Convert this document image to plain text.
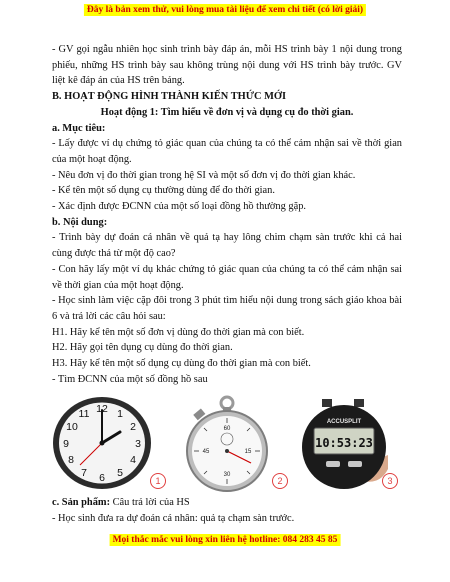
Đây là bản xem thử, vui lòng mua tài liệu để xem chi tiết (có lời giải)

- GV gọi ngẫu nhiên học sinh trình bày đáp án, mỗi HS trình bày 1 nội dung trong phiếu, những HS trình bày sau không trùng nội dung với HS trình bày trước. GV liệt kê đáp án của HS trên bảng.

B. HOẠT ĐỘNG HÌNH THÀNH KIẾN THỨC MỚI

Hoạt động 1: Tìm hiểu về đơn vị và dụng cụ đo thời gian.

a. Mục tiêu:

- Lấy được ví dụ chứng tỏ giác quan của chúng ta có thể cảm nhận sai về thời gian của một hoạt động.

- Nêu đơn vị đo thời gian trong hệ SI và một số đơn vị đo thời gian khác.

- Kể tên một số dụng cụ thường dùng để đo thời gian.

- Xác định được ĐCNN của một số loại đồng hồ thường gặp.

b. Nội dung:

- Trình bày dự đoán cá nhân về quả tạ hay lông chim chạm sàn trước khi cả hai cùng được thả từ một độ cao?

- Con hãy lấy một ví dụ khác chứng tỏ giác quan của chúng ta có thể cảm nhận sai về thời gian của một hoạt động.

- Học sinh làm việc cặp đôi trong 3 phút tìm hiểu nội dung trong sách giáo khoa bài 6 và trả lời các câu hỏi sau:

H1. Hãy kể tên một số đơn vị dùng đo thời gian mà con biết.

H2. Hãy gọi tên dụng cụ dùng đo thời gian.

H3. Hãy kể tên một số dụng cụ dùng đo thời gian mà con biết.

- Tìm ĐCNN của một số đồng hồ sau

12 1
2
3
4
5
6
7
8
9
10
11
1
60
15
30
45
2
ACCUSPLIT
10:53:23
3

c. Sản phẩm: Câu trả lời của HS

- Học sinh đưa ra dự đoán cá nhân: quả tạ chạm sàn trước.

Mọi thắc mắc vui lòng xin liên hệ hotline: 084 283 45 85
